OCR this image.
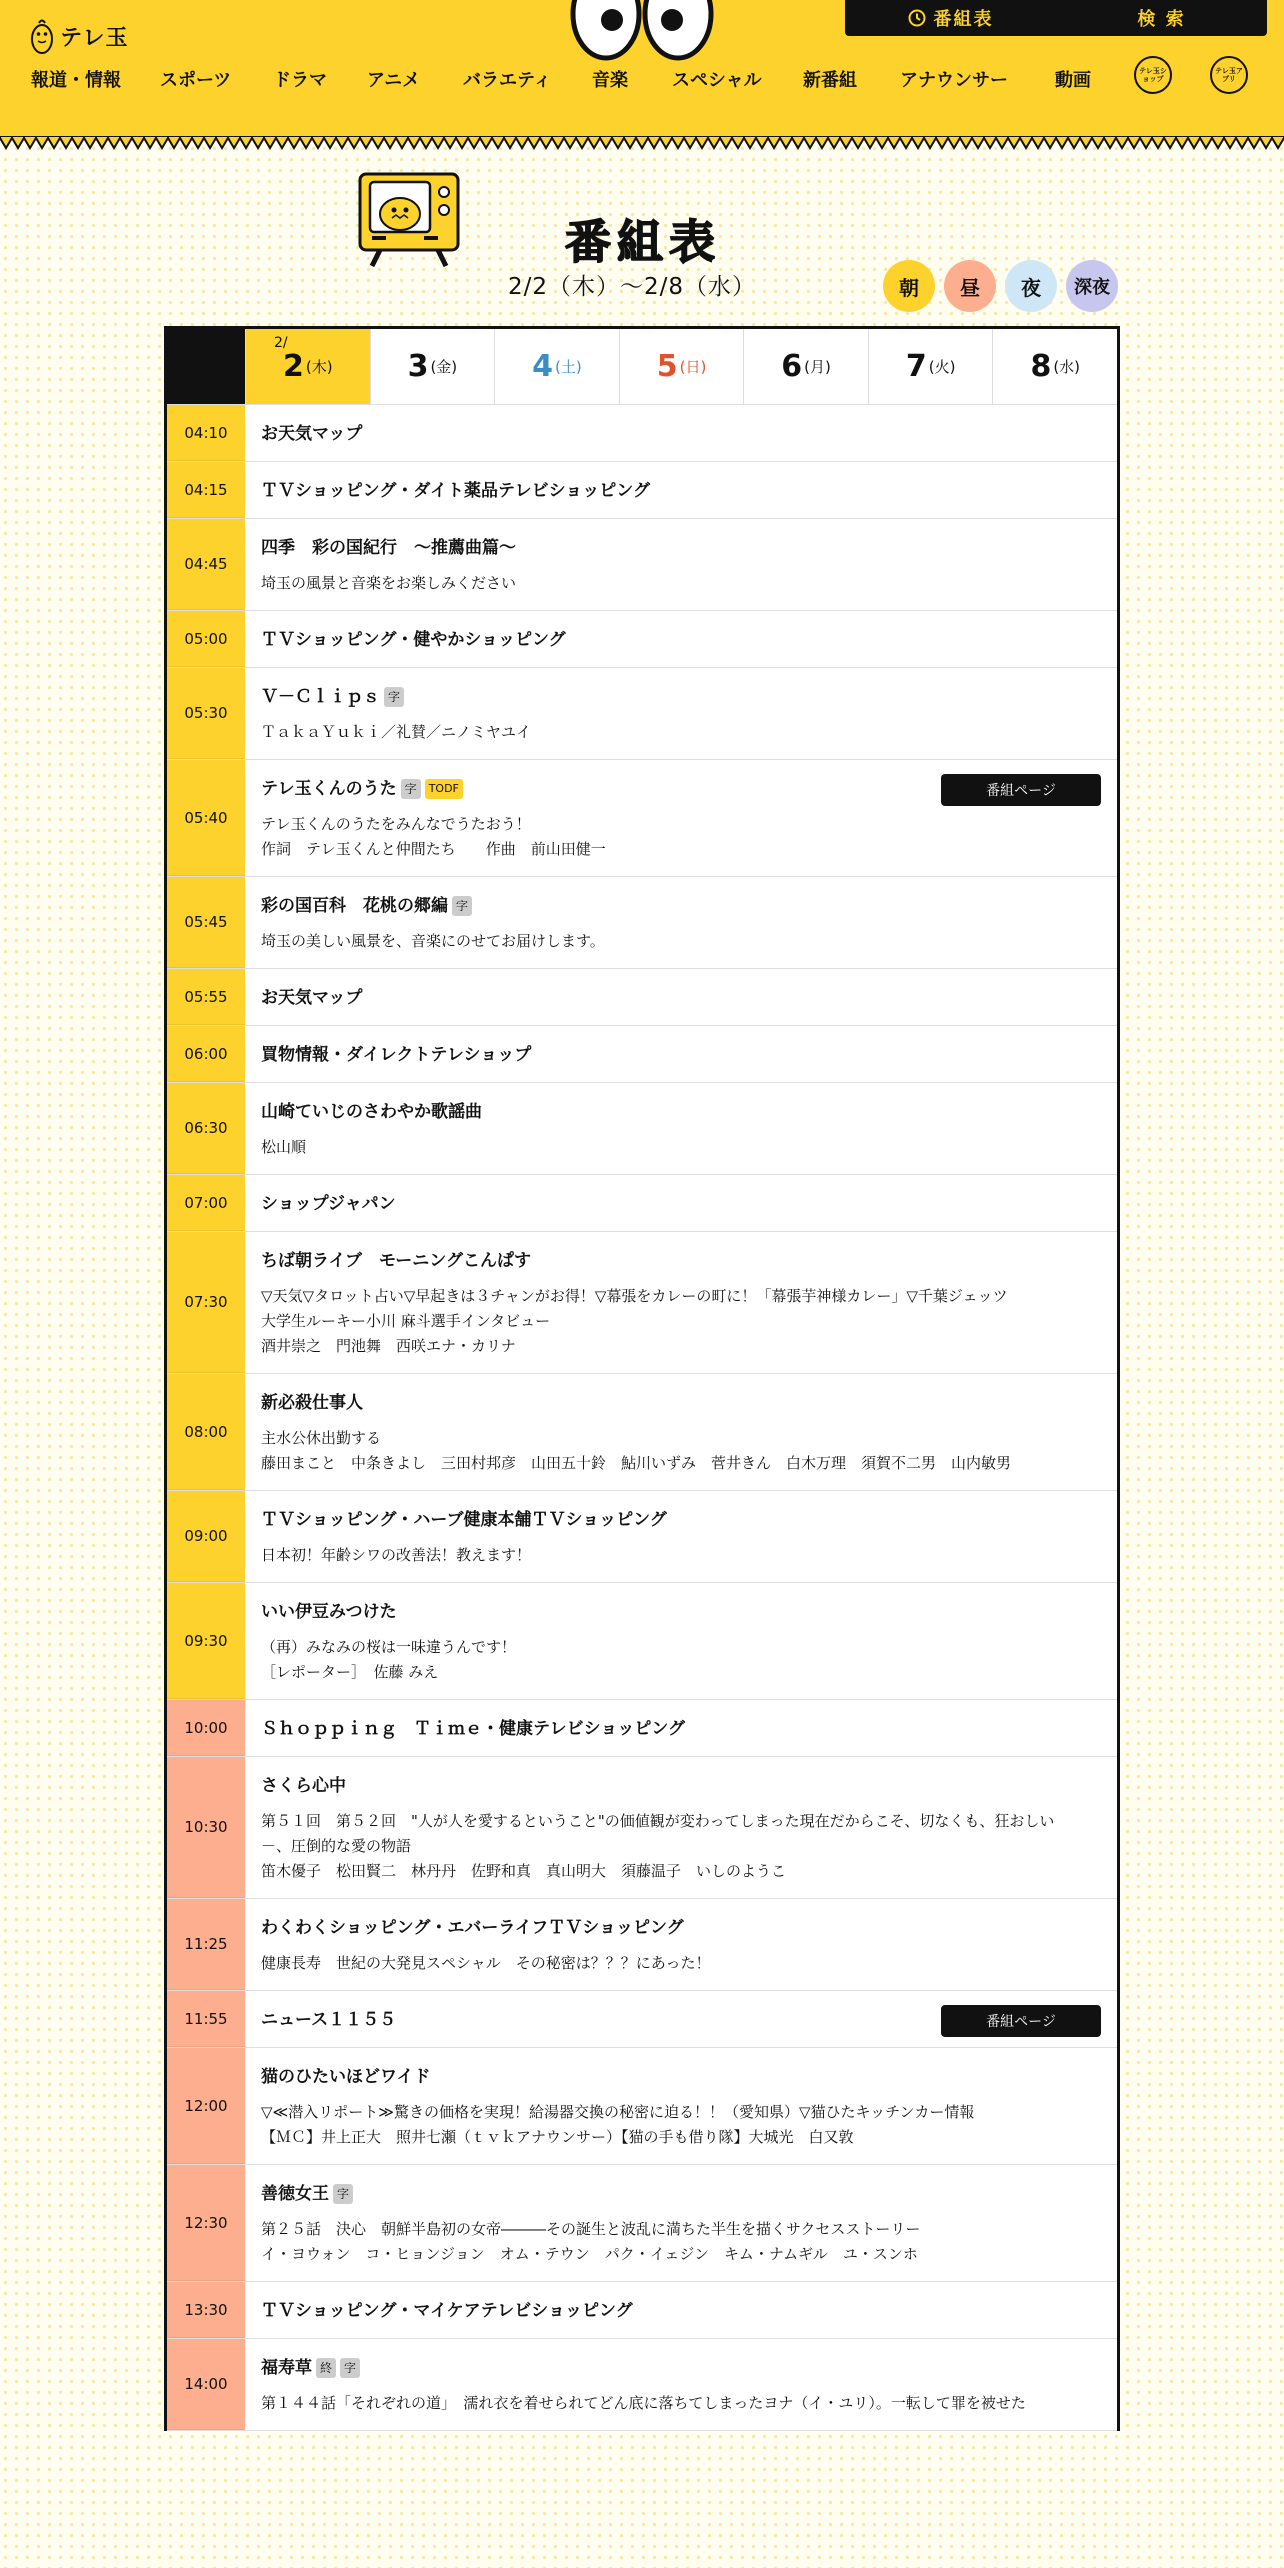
テレ玉
番組表	検 索
報道・情報 スポーツ ドラマ アニメ バラエティ 音楽 スペシャル 新番組 アナウンサー	動画	テレ玉ショップ
テレ玉アプリ
番組表
2/2（木）〜2/8（水）	朝 昼 夜 深夜
2/
2 (木) 3 (金) 4 (土) 5 (日) 6 (月) 7 (火) 8 (水)
04:10	お天気マップ
04:15	ＴＶショッピング・ダイト薬品テレビショッピング
04:45
四季　彩の国紀行　～推薦曲篇～
埼玉の風景と音楽をお楽しみください
05:00	ＴＶショッピング・健やかショッピング
05:30
Ｖ－Ｃｌｉｐｓ 字
ＴａｋａＹｕｋｉ／礼賛／ニノミヤユイ
05:40
テレ玉くんのうた 字	TODF
テレ玉くんのうたをみんなでうたおう！
作詞　テレ玉くんと仲間たち　　作曲　前山田健一
番組ページ
05:45
彩の国百科　花桃の郷編 字
埼玉の美しい風景を、音楽にのせてお届けします。
05:55	お天気マップ
06:00	買物情報・ダイレクトテレショップ
06:30
山崎ていじのさわやか歌謡曲
松山順
07:00	ショップジャパン
07:30
ちば朝ライブ　モーニングこんぱす
▽天気▽タロット占い▽早起きは３チャンがお得！▽幕張をカレーの町に！「幕張芋神様カレー」▽千葉ジェッツ
大学生ルーキー小川 麻斗選手インタビュー
酒井崇之　門池舞　西咲エナ・カリナ
08:00
新必殺仕事人
主水公休出勤する
藤田まこと　中条きよし　三田村邦彦　山田五十鈴　鮎川いずみ　菅井きん　白木万理　須賀不二男　山内敏男
09:00
ＴＶショッピング・ハーブ健康本舗ＴＶショッピング
日本初！年齢シワの改善法！教えます！
09:30
いい伊豆みつけた
（再）みなみの桜は一味違うんです！
［レポーター］　佐藤 みえ
10:00	Ｓｈｏｐｐｉｎｇ　Ｔｉｍｅ・健康テレビショッピング
10:30
さくら心中
第５１回　第５２回　"人が人を愛するということ"の価値観が変わってしまった現在だからこそ、切なくも、狂おしい
－、圧倒的な愛の物語
笛木優子　松田賢二　林丹丹　佐野和真　真山明大　須藤温子　いしのようこ
11:25
わくわくショッピング・エバーライフＴＶショッピング
健康長寿　世紀の大発見スペシャル　その秘密は？？？にあった！
11:55	ニュース１１５５	番組ページ
12:00
猫のひたいほどワイド
▽≪潜入リポート≫驚きの価格を実現！給湯器交換の秘密に迫る！！（愛知県）▽猫ひたキッチンカー情報
【ＭＣ】井上正大　照井七瀬（ｔｖｋアナウンサー）【猫の手も借り隊】大城光　白又敦
12:30
善徳女王 字
第２５話　決心　朝鮮半島初の女帝―――その誕生と波乱に満ちた半生を描くサクセスストーリー
イ・ヨウォン　コ・ヒョンジョン　オム・テウン　パク・イェジン　キム・ナムギル　ユ・スンホ
13:30	ＴＶショッピング・マイケアテレビショッピング
14:00
福寿草 終	字
第１４４話「それぞれの道」　濡れ衣を着せられてどん底に落ちてしまったヨナ（イ・ユリ）。一転して罪を被せた
